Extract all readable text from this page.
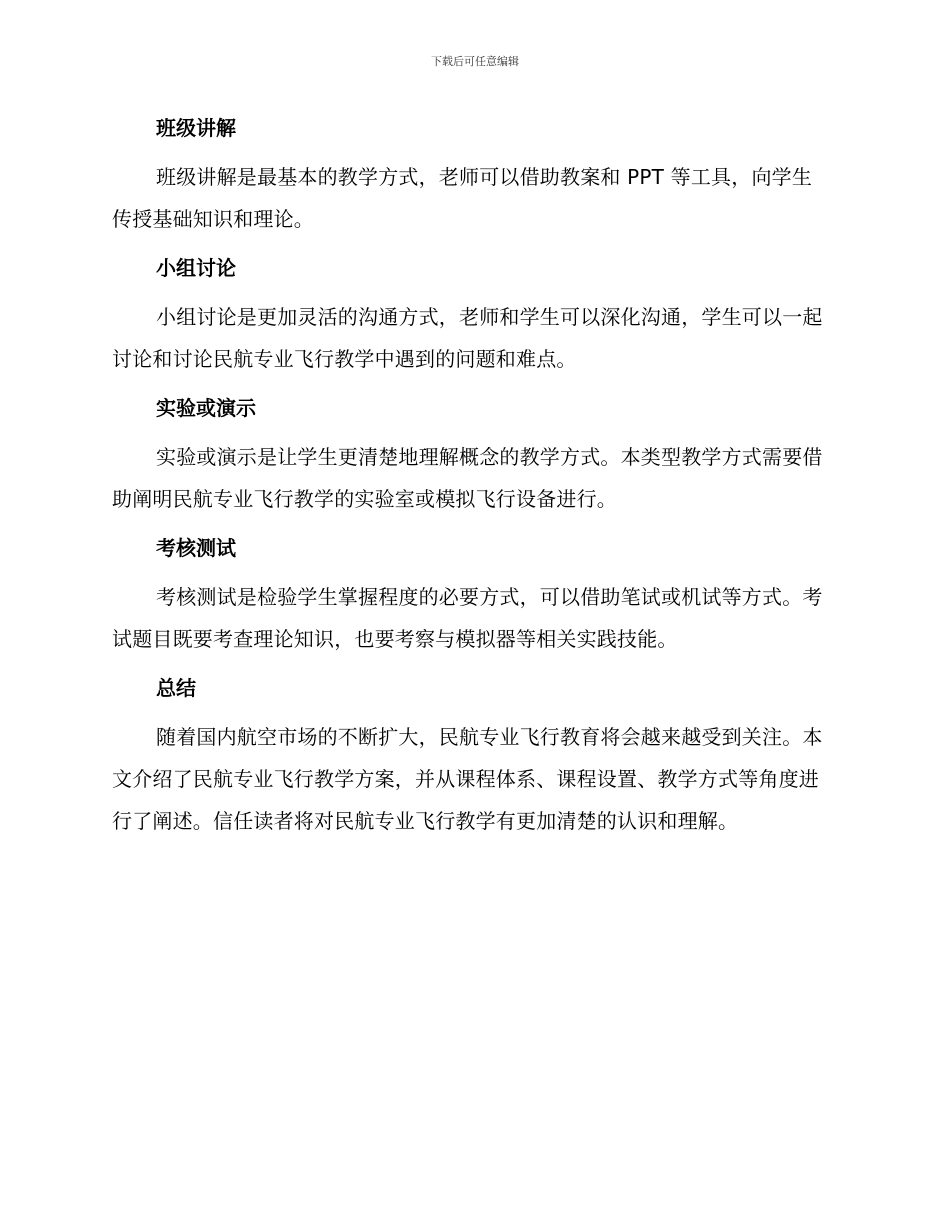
下载后可任意编辑
班级讲解

班级讲解是最基本的教学方式，老师可以借助教案和 PPT 等工具，向学生传授基础知识和理论。

小组讨论

小组讨论是更加灵活的沟通方式，老师和学生可以深化沟通，学生可以一起讨论和讨论民航专业飞行教学中遇到的问题和难点。

实验或演示

实验或演示是让学生更清楚地理解概念的教学方式。本类型教学方式需要借助阐明民航专业飞行教学的实验室或模拟飞行设备进行。

考核测试

考核测试是检验学生掌握程度的必要方式，可以借助笔试或机试等方式。考试题目既要考查理论知识，也要考察与模拟器等相关实践技能。

总结

随着国内航空市场的不断扩大，民航专业飞行教育将会越来越受到关注。本文介绍了民航专业飞行教学方案，并从课程体系、课程设置、教学方式等角度进行了阐述。信任读者将对民航专业飞行教学有更加清楚的认识和理解。
